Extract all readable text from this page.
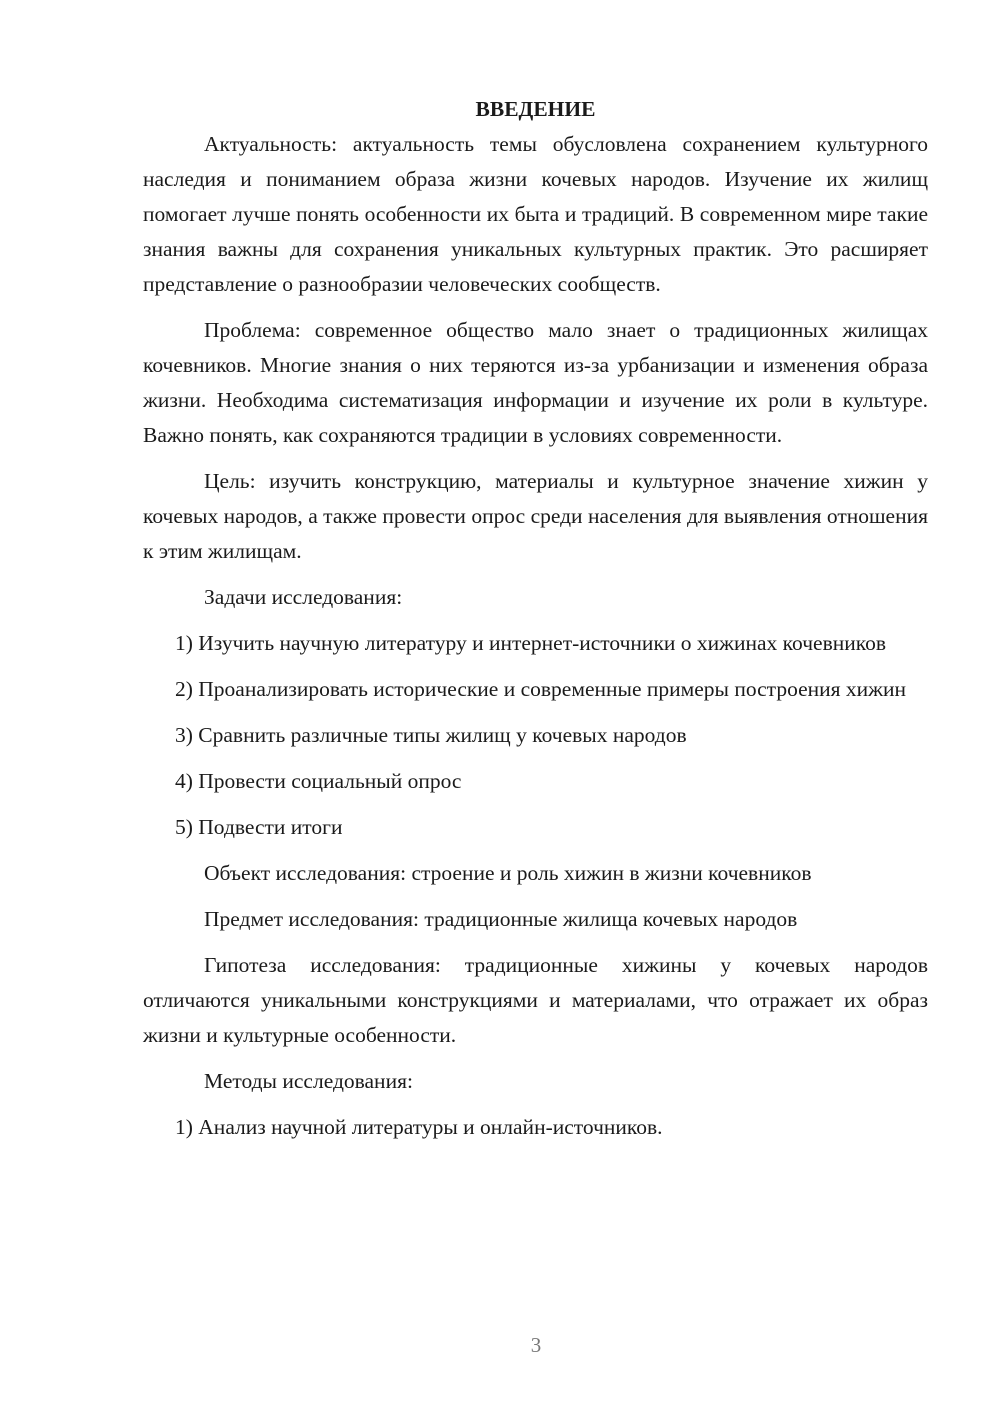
ВВЕДЕНИЕ

Актуальность: актуальность темы обусловлена сохранением культурного наследия и пониманием образа жизни кочевых народов. Изучение их жилищ помогает лучше понять особенности их быта и традиций. В современном мире такие знания важны для сохранения уникальных культурных практик. Это расширяет представление о разнообразии человеческих сообществ.

Проблема: современное общество мало знает о традиционных жилищах кочевников. Многие знания о них теряются из-за урбанизации и изменения образа жизни. Необходима систематизация информации и изучение их роли в культуре. Важно понять, как сохраняются традиции в условиях современности.

Цель: изучить конструкцию, материалы и культурное значение хижин у кочевых народов, а также провести опрос среди населения для выявления отношения к этим жилищам.

Задачи исследования:

1) Изучить научную литературу и интернет-источники о хижинах кочевников

2) Проанализировать исторические и современные примеры построения хижин

3) Сравнить различные типы жилищ у кочевых народов

4) Провести социальный опрос

5) Подвести итоги

Объект исследования: строение и роль хижин в жизни кочевников

Предмет исследования: традиционные жилища кочевых народов

Гипотеза исследования: традиционные хижины у кочевых народов отличаются уникальными конструкциями и материалами, что отражает их образ жизни и культурные особенности.

Методы исследования:

1) Анализ научной литературы и онлайн-источников.

3
